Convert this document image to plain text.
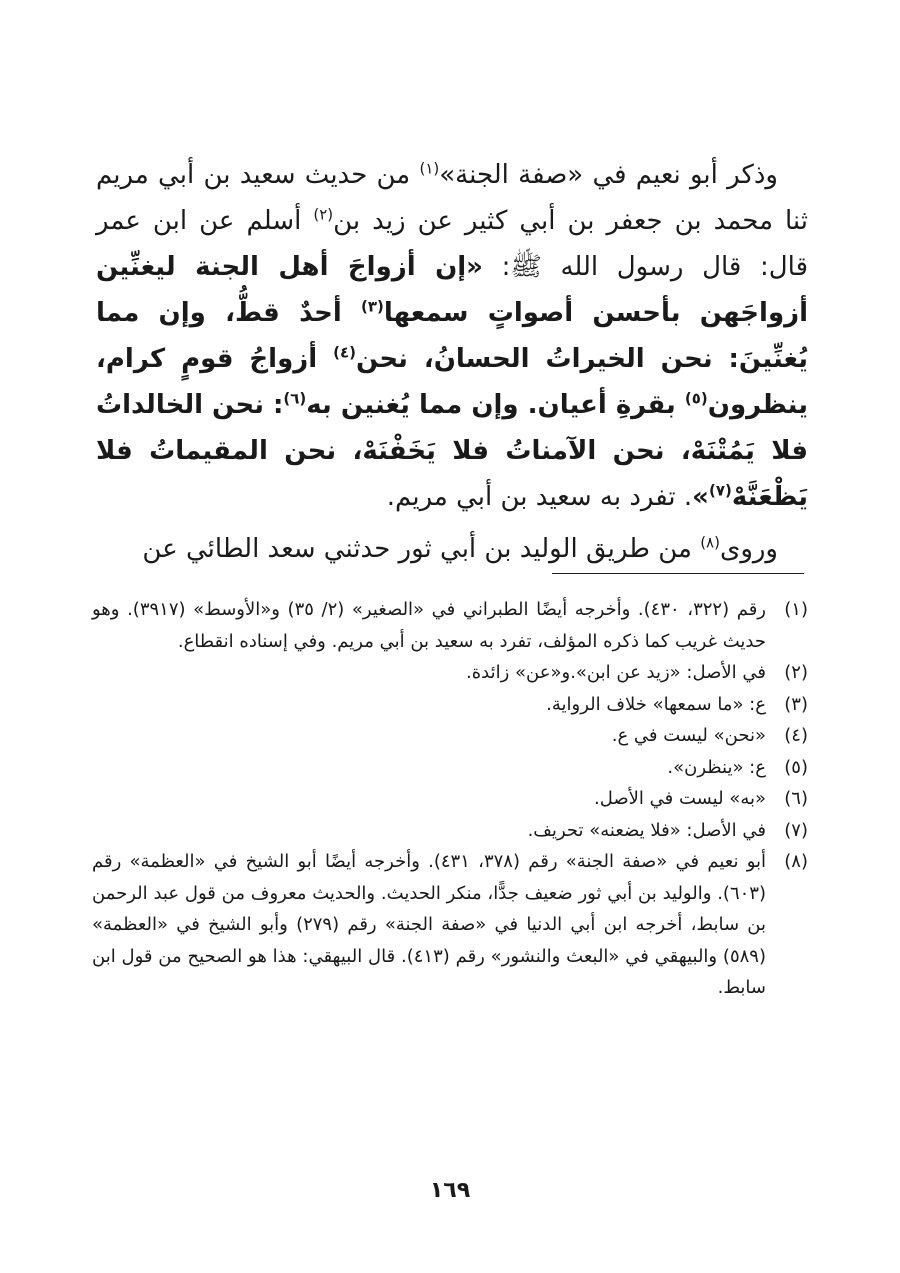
وذكر أبو نعيم في «صفة الجنة»$^{(١)}$ من حديث سعيد بن أبي مريم ثنا محمد بن جعفر بن أبي كثير عن زيد بن$^{(٢)}$ أسلم عن ابن عمر قال: قال رسول الله ﷺ: «إن أزواجَ أهل الجنة ليغنِّين أزواجَهن بأحسن أصواتٍ سمعها$^{(٣)}$ أحدٌ قطُّ، وإن مما يُغنِّينَ: نحن الخيراتُ الحسانُ، نحن$^{(٤)}$ أزواجُ قومٍ كرام، ينظرون$^{(٥)}$ بقرةِ أعيان. وإن مما يُغنين به$^{(٦)}$: نحن الخالداتُ فلا يَمُتْنَهْ، نحن الآمناتُ فلا يَخَفْنَهْ، نحن المقيماتُ فلا يَظْعَنَّهْ$^{(٧)}$». تفرد به سعيد بن أبي مريم.

وروى$^{(٨)}$ من طريق الوليد بن أبي ثور حدثني سعد الطائي عن

(١)
رقم (٣٢٢، ٤٣٠). وأخرجه أيضًا الطبراني في «الصغير» (٢/ ٣٥) و«الأوسط» (٣٩١٧). وهو حديث غريب كما ذكره المؤلف، تفرد به سعيد بن أبي مريم. وفي إسناده انقطاع.
(٢)
في الأصل: «زيد عن ابن».و«عن» زائدة.
(٣)
ع: «ما سمعها» خلاف الرواية.
(٤)
«نحن» ليست في ع.
(٥)
ع: «ينظرن».
(٦)
«به» ليست في الأصل.
(٧)
في الأصل: «فلا يضعنه» تحريف.
(٨)
أبو نعيم في «صفة الجنة» رقم (٣٧٨، ٤٣١). وأخرجه أيضًا أبو الشيخ في «العظمة» رقم (٦٠٣). والوليد بن أبي ثور ضعيف جدًّا، منكر الحديث. والحديث معروف من قول عبد الرحمن بن سابط، أخرجه ابن أبي الدنيا في «صفة الجنة» رقم (٢٧٩) وأبو الشيخ في «العظمة» (٥٨٩) والبيهقي في «البعث والنشور» رقم (٤١٣). قال البيهقي: هذا هو الصحيح من قول ابن سابط.
١٦٩
